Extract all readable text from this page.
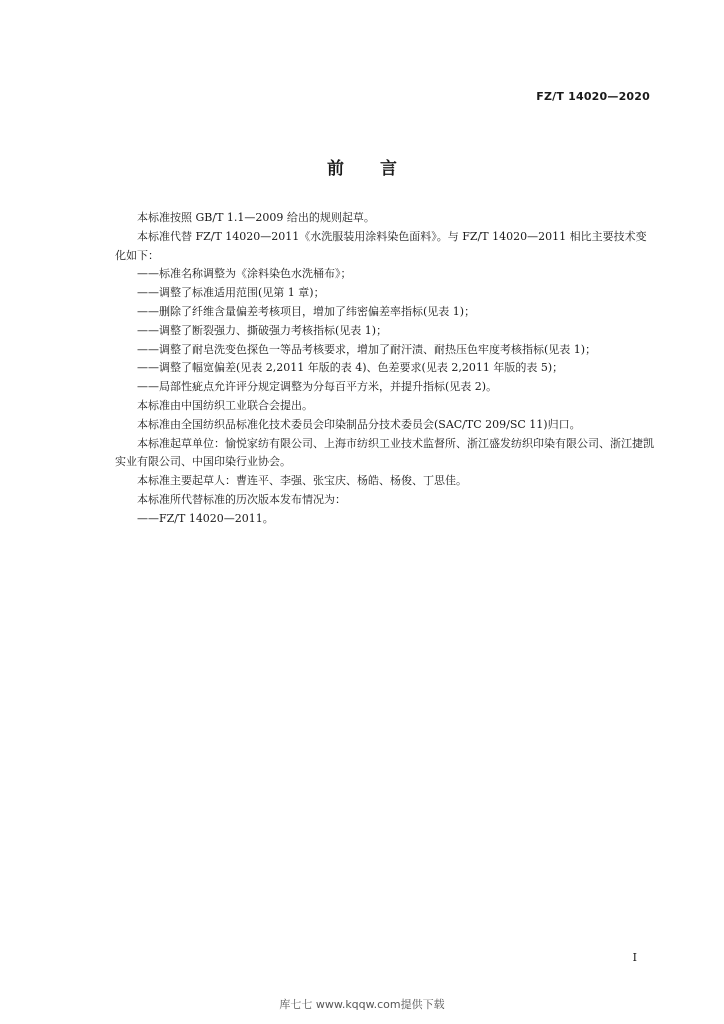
FZ/T 14020—2020
前言

本标准按照 GB/T 1.1—2009 给出的规则起草。

本标准代替 FZ/T 14020—2011《水洗服装用涂料染色面料》。与 FZ/T 14020—2011 相比主要技术变化如下：

——标准名称调整为《涂料染色水洗桶布》；

——调整了标准适用范围(见第 1 章)；

——删除了纤维含量偏差考核项目，增加了纬密偏差率指标(见表 1)；

——调整了断裂强力、撕破强力考核指标(见表 1)；

——调整了耐皂洗变色探色一等品考核要求，增加了耐汗渍、耐热压色牢度考核指标(见表 1)；

——调整了幅宽偏差(见表 2,2011 年版的表 4)、色差要求(见表 2,2011 年版的表 5)；

——局部性疵点允许评分规定调整为分每百平方米，并提升指标(见表 2)。

本标准由中国纺织工业联合会提出。

本标准由全国纺织品标准化技术委员会印染制品分技术委员会(SAC/TC 209/SC 11)归口。

本标准起草单位：愉悦家纺有限公司、上海市纺织工业技术监督所、浙江盛发纺织印染有限公司、浙江捷凯实业有限公司、中国印染行业协会。

本标准主要起草人：曹连平、李强、张宝庆、杨皓、杨俊、丁思佳。

本标准所代替标准的历次版本发布情况为：

——FZ/T 14020—2011。

I
库七七 www.kqqw.com提供下载
